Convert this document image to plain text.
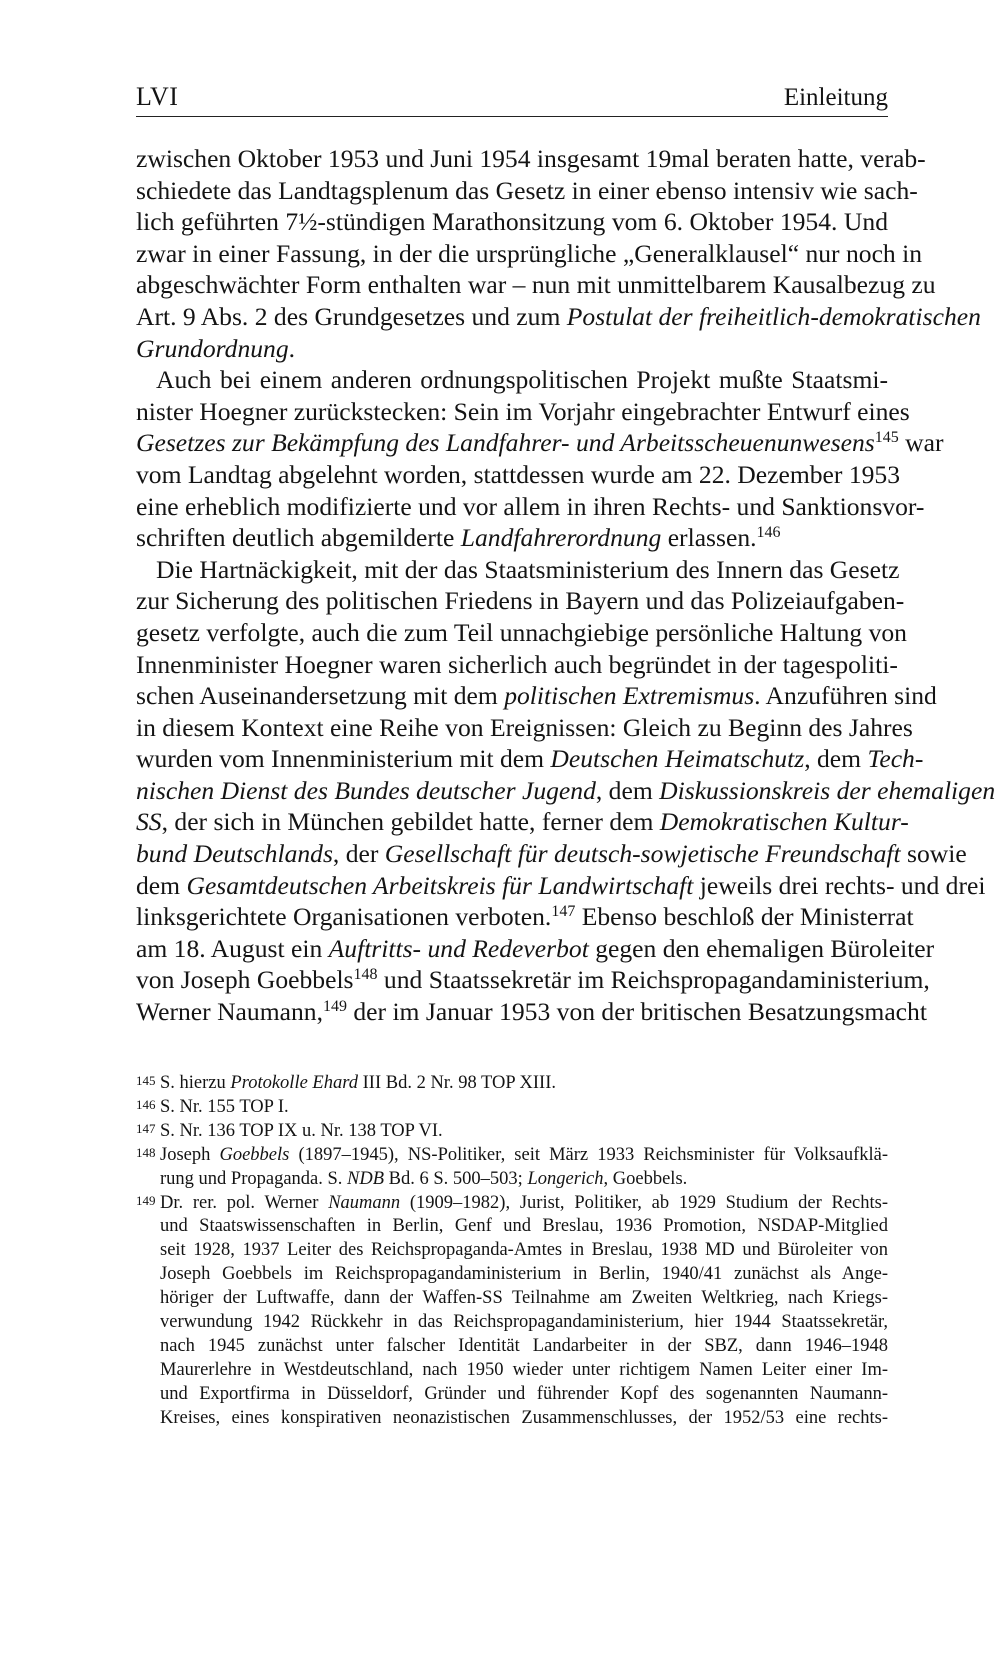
LVI	Einleitung

zwischen Oktober 1953 und Juni 1954 insgesamt 19mal beraten hatte, verab-
schiedete das Landtagsplenum das Gesetz in einer ebenso intensiv wie sach-
lich geführten 7½-stündigen Marathonsitzung vom 6. Oktober 1954. Und
zwar in einer Fassung, in der die ursprüngliche „Generalklausel“ nur noch in
abgeschwächter Form enthalten war – nun mit unmittelbarem Kausalbezug zu
Art. 9 Abs. 2 des Grundgesetzes und zum Postulat der freiheitlich-demokratischen
Grundordnung.

Auch bei einem anderen ordnungspolitischen Projekt mußte Staatsmi-
nister Hoegner zurückstecken: Sein im Vorjahr eingebrachter Entwurf eines
Gesetzes zur Bekämpfung des Landfahrer- und Arbeitsscheuenunwesens$^{145}$ war
vom Landtag abgelehnt worden, stattdessen wurde am 22. Dezember 1953
eine erheblich modifizierte und vor allem in ihren Rechts- und Sanktionsvor-
schriften deutlich abgemilderte Landfahrerordnung erlassen.$^{146}$

Die Hartnäckigkeit, mit der das Staatsministerium des Innern das Gesetz
zur Sicherung des politischen Friedens in Bayern und das Polizeiaufgaben-
gesetz verfolgte, auch die zum Teil unnachgiebige persönliche Haltung von
Innenminister Hoegner waren sicherlich auch begründet in der tagespoliti-
schen Auseinandersetzung mit dem politischen Extremismus. Anzuführen sind
in diesem Kontext eine Reihe von Ereignissen: Gleich zu Beginn des Jahres
wurden vom Innenministerium mit dem Deutschen Heimatschutz, dem Tech-
nischen Dienst des Bundes deutscher Jugend, dem Diskussionskreis der ehemaligen
SS, der sich in München gebildet hatte, ferner dem Demokratischen Kultur-
bund Deutschlands, der Gesellschaft für deutsch-sowjetische Freundschaft sowie
dem Gesamtdeutschen Arbeitskreis für Landwirtschaft jeweils drei rechts- und drei
linksgerichtete Organisationen verboten.$^{147}$ Ebenso beschloß der Ministerrat
am 18. August ein Auftritts- und Redeverbot gegen den ehemaligen Büroleiter
von Joseph Goebbels$^{148}$ und Staatssekretär im Reichspropagandaministerium,
Werner Naumann,$^{149}$ der im Januar 1953 von der britischen Besatzungsmacht

145 S. hierzu Protokolle Ehard III Bd. 2 Nr. 98 TOP XIII.
146 S. Nr. 155 TOP I.
147 S. Nr. 136 TOP IX u. Nr. 138 TOP VI.
148 Joseph Goebbels (1897–1945), NS-Politiker, seit März 1933 Reichsminister für Volksaufklä-
rung und Propaganda. S. NDB Bd. 6 S. 500–503; Longerich, Goebbels.
149 Dr. rer. pol. Werner Naumann (1909–1982), Jurist, Politiker, ab 1929 Studium der Rechts-
und Staatswissenschaften in Berlin, Genf und Breslau, 1936 Promotion, NSDAP-Mitglied
seit 1928, 1937 Leiter des Reichspropaganda-Amtes in Breslau, 1938 MD und Büroleiter von
Joseph Goebbels im Reichspropagandaministerium in Berlin, 1940/41 zunächst als Ange-
höriger der Luftwaffe, dann der Waffen-SS Teilnahme am Zweiten Weltkrieg, nach Kriegs-
verwundung 1942 Rückkehr in das Reichspropagandaministerium, hier 1944 Staatssekretär,
nach 1945 zunächst unter falscher Identität Landarbeiter in der SBZ, dann 1946–1948
Maurerlehre in Westdeutschland, nach 1950 wieder unter richtigem Namen Leiter einer Im-
und Exportfirma in Düsseldorf, Gründer und führender Kopf des sogenannten Naumann-
Kreises, eines konspirativen neonazistischen Zusammenschlusses, der 1952/53 eine rechts-
